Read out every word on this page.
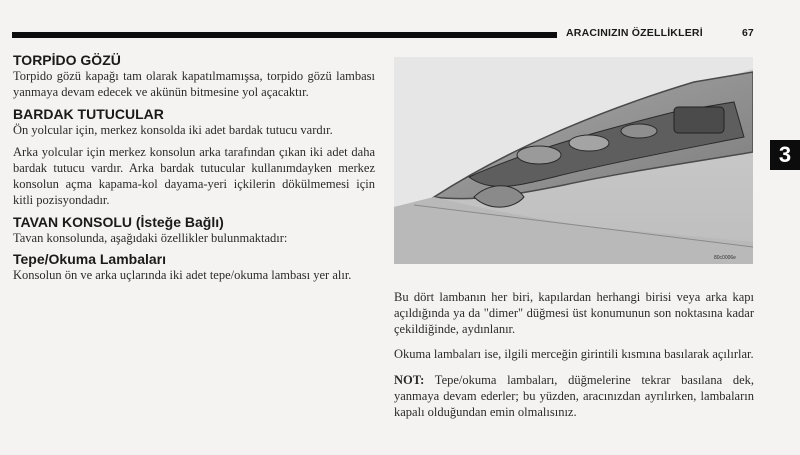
ARACINIZIN ÖZELLİKLERİ	67
3
TORPİDO GÖZÜ

Torpido gözü kapağı tam olarak kapatılmamışsa, torpido gözü lambası yanmaya devam edecek ve akünün bitmesine yol açacaktır.

BARDAK TUTUCULAR

Ön yolcular için, merkez konsolda iki adet bardak tutucu vardır.

Arka yolcular için merkez konsolun arka tarafından çıkan iki adet daha bardak tutucu vardır. Arka bardak tutucular kullanımdayken merkez konsolun açma kapama-kol dayama-yeri içkilerin dökülmemesi için kitli pozisyondadır.

TAVAN KONSOLU (İsteğe Bağlı)

Tavan konsolunda, aşağıdaki özellikler bulunmaktadır:

Tepe/Okuma Lambaları

Konsolun ön ve arka uçlarında iki adet tepe/okuma lambası yer alır.

80c0006e

Bu dört lambanın her biri, kapılardan herhangi birisi veya arka kapı açıldığında ya da "dimer" düğmesi üst konumunun son noktasına kadar çekildiğinde, aydınlanır.

Okuma lambaları ise, ilgili merceğin girintili kısmına basılarak açılırlar.

NOT: Tepe/okuma lambaları, düğmelerine tekrar basılana dek, yanmaya devam ederler; bu yüzden, aracınızdan ayrılırken, lambaların kapalı olduğundan emin olmalısınız.
